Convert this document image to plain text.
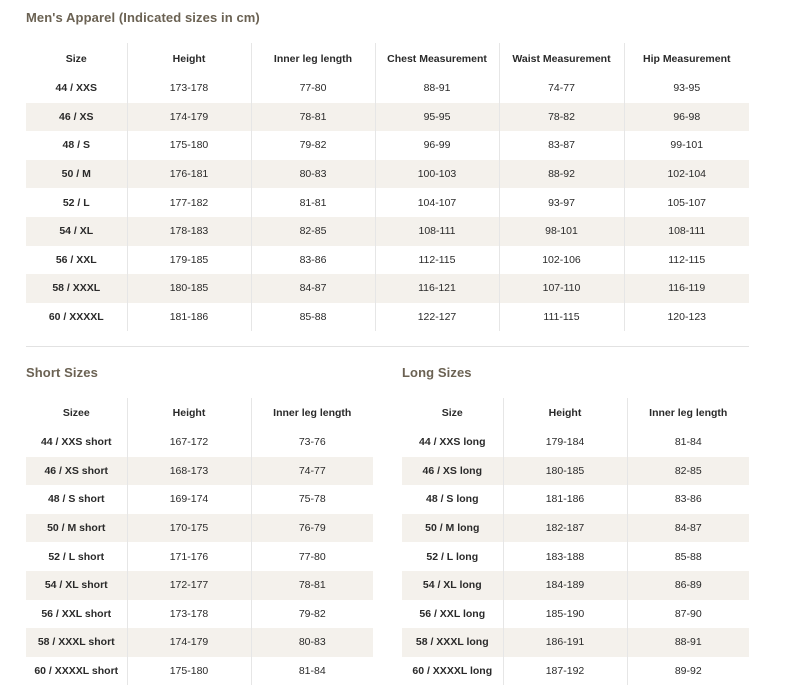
Men's Apparel (Indicated sizes in cm)
Size	Height	Inner leg length	Chest Measurement	Waist Measurement	Hip Measurement
44 / XXS	173-178	77-80	88-91	74-77	93-95
46 / XS	174-179	78-81	95-95	78-82	96-98
48 / S	175-180	79-82	96-99	83-87	99-101
50 / M	176-181	80-83	100-103	88-92	102-104
52 / L	177-182	81-81	104-107	93-97	105-107
54 / XL	178-183	82-85	108-111	98-101	108-111
56 / XXL	179-185	83-86	112-115	102-106	112-115
58 / XXXL	180-185	84-87	116-121	107-110	116-119
60 / XXXXL	181-186	85-88	122-127	111-115	120-123
Short Sizes
Sizee	Height	Inner leg length
44 / XXS short	167-172	73-76
46 / XS short	168-173	74-77
48 / S short	169-174	75-78
50 / M short	170-175	76-79
52 / L short	171-176	77-80
54 / XL short	172-177	78-81
56 / XXL short	173-178	79-82
58 / XXXL short	174-179	80-83
60 / XXXXL short	175-180	81-84
Long Sizes
Size	Height	Inner leg length
44 / XXS long	179-184	81-84
46 / XS long	180-185	82-85
48 / S long	181-186	83-86
50 / M long	182-187	84-87
52 / L long	183-188	85-88
54 / XL long	184-189	86-89
56 / XXL long	185-190	87-90
58 / XXXL long	186-191	88-91
60 / XXXXL long	187-192	89-92
